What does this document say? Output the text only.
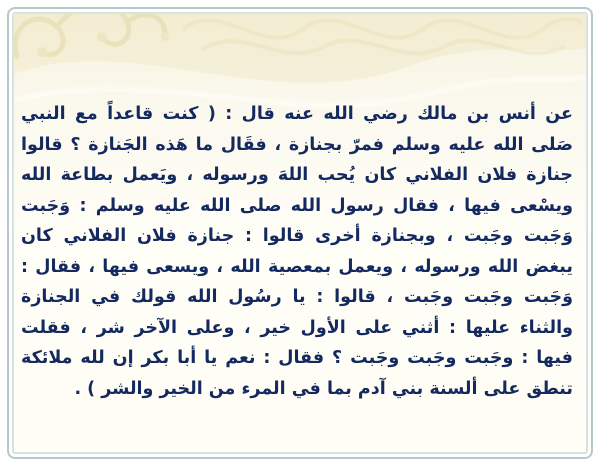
عن أنس بن مالك رضي الله عنه قال : ( كنت قاعداً مع النبي
صَلى الله عليه وسلم فمرّ بجنازة ، فقَال ما هَذه الجَنازة ؟ قالوا
جنازة فلان الفلاني كان يُحب اللهَ ورسوله ، ويَعمل بطاعة الله
ويسْعى فيها ، فقال رسول الله صلى الله عليه وسلم : وَجَبت
وَجَبت وجَبت ، وبجنازة أخرى قالوا : جنازة فلان الفلاني كان
يبغض الله ورسوله ، ويعمل بمعصية الله ، ويسعى فيها ، فقال :
وَجَبت وجَبت وجَبت ، قالوا : يا رسُول الله قولك في الجنازة
والثناء عليها : أثني على الأول خير ، وعلى الآخر شر ، فقلت
فيها : وجَبت وجَبت وجَبت ؟ فقال : نعم يا أبا بكر إن لله ملائكة
تنطق على ألسنة بني آدم بما في المرء من الخير والشر ) .
